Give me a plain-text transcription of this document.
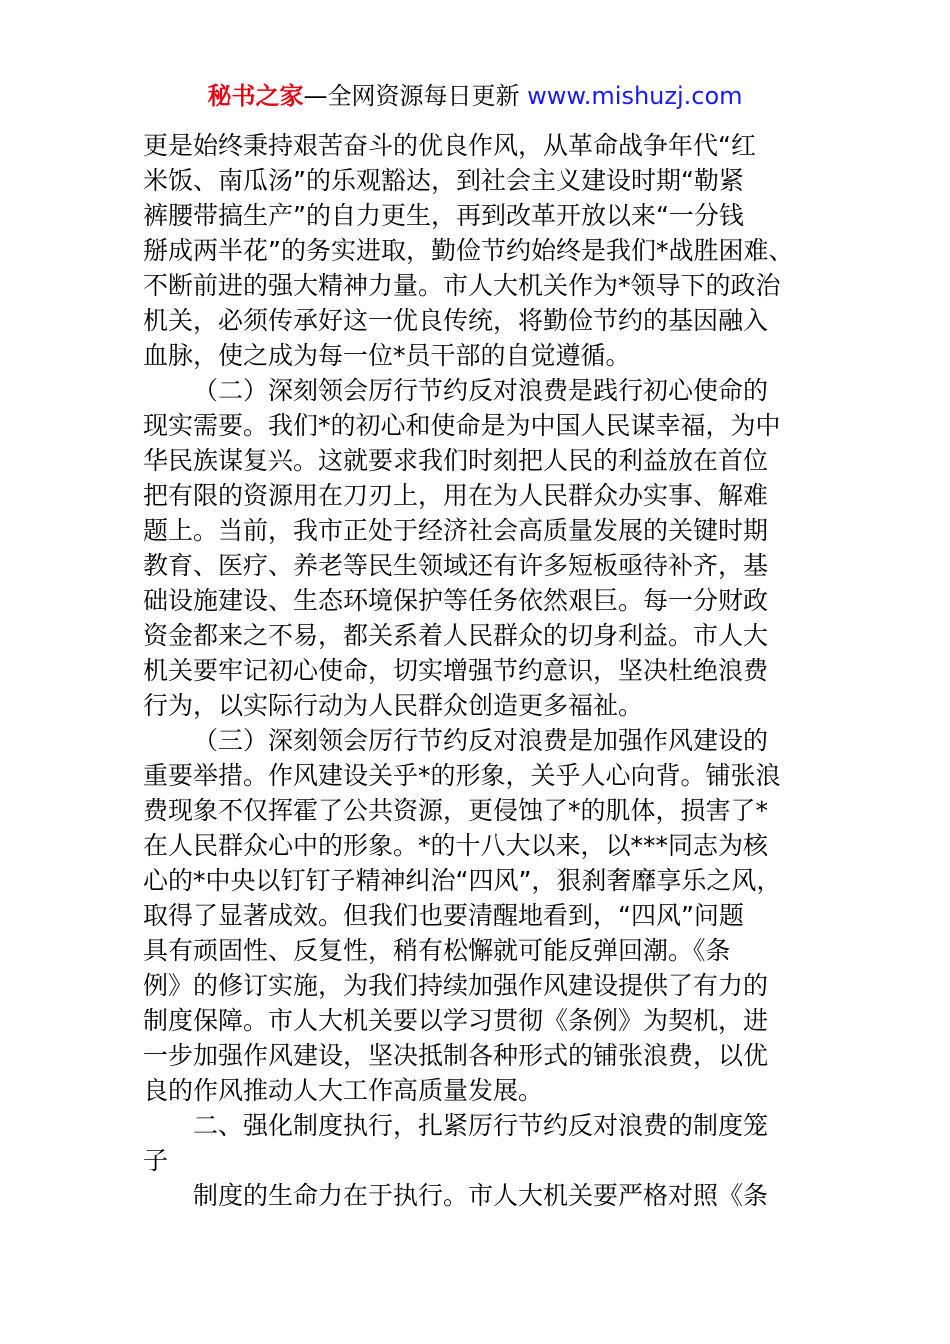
秘书之家—全网资源每日更新 www.mishuzj.com
更是始终秉持艰苦奋斗的优良作风，从革命战争年代“红
米饭、南瓜汤”的乐观豁达，到社会主义建设时期“勒紧
裤腰带搞生产”的自力更生，再到改革开放以来“一分钱
掰成两半花”的务实进取，勤俭节约始终是我们*战胜困难、
不断前进的强大精神力量。市人大机关作为*领导下的政治
机关，必须传承好这一优良传统，将勤俭节约的基因融入
血脉，使之成为每一位*员干部的自觉遵循。
（二）深刻领会厉行节约反对浪费是践行初心使命的
现实需要。我们*的初心和使命是为中国人民谋幸福，为中
华民族谋复兴。这就要求我们时刻把人民的利益放在首位
把有限的资源用在刀刃上，用在为人民群众办实事、解难
题上。当前，我市正处于经济社会高质量发展的关键时期
教育、医疗、养老等民生领域还有许多短板亟待补齐，基
础设施建设、生态环境保护等任务依然艰巨。每一分财政
资金都来之不易，都关系着人民群众的切身利益。市人大
机关要牢记初心使命，切实增强节约意识，坚决杜绝浪费
行为，以实际行动为人民群众创造更多福祉。
（三）深刻领会厉行节约反对浪费是加强作风建设的
重要举措。作风建设关乎*的形象，关乎人心向背。铺张浪
费现象不仅挥霍了公共资源，更侵蚀了*的肌体，损害了*
在人民群众心中的形象。*的十八大以来，以***同志为核
心的*中央以钉钉子精神纠治“四风”，狠刹奢靡享乐之风，
取得了显著成效。但我们也要清醒地看到，“四风”问题
具有顽固性、反复性，稍有松懈就可能反弹回潮。《条
例》的修订实施，为我们持续加强作风建设提供了有力的
制度保障。市人大机关要以学习贯彻《条例》为契机，进
一步加强作风建设，坚决抵制各种形式的铺张浪费，以优
良的作风推动人大工作高质量发展。
二、强化制度执行，扎紧厉行节约反对浪费的制度笼
子
制度的生命力在于执行。市人大机关要严格对照《条
